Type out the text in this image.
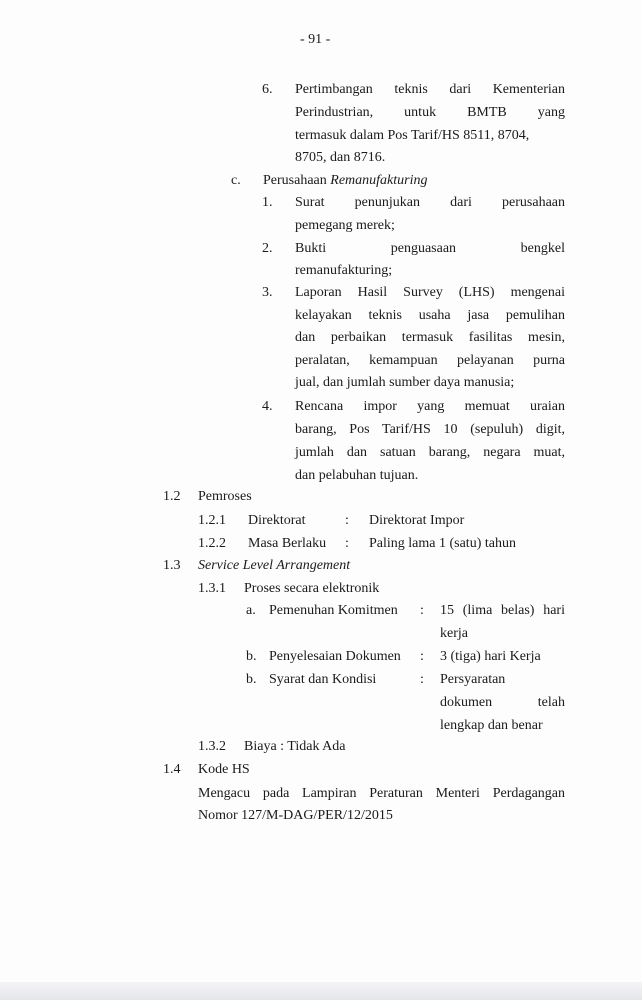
- 91 -
6. Pertimbangan teknis dari Kementerian
Perindustrian, untuk BMTB yang
termasuk dalam Pos Tarif/HS 8511, 8704,
8705, dan 8716.
c. Perusahaan Remanufakturing
1. Surat penunjukan dari perusahaan
pemegang merek;
2. Bukti penguasaan bengkel
remanufakturing;
3. Laporan Hasil Survey (LHS) mengenai
kelayakan teknis usaha jasa pemulihan
dan perbaikan termasuk fasilitas mesin,
peralatan, kemampuan pelayanan purna
jual, dan jumlah sumber daya manusia;
4. Rencana impor yang memuat uraian
barang, Pos Tarif/HS 10 (sepuluh) digit,
jumlah dan satuan barang, negara muat,
dan pelabuhan tujuan.
1.2 Pemroses
1.2.1 Direktorat	: Direktorat Impor
1.2.2 Masa Berlaku : Paling lama 1 (satu) tahun
1.3 Service Level Arrangement
1.3.1 Proses secara elektronik
a. Pemenuhan Komitmen : 15 (lima belas) hari
kerja
b. Penyelesaian Dokumen : 3 (tiga) hari Kerja
b. Syarat dan Kondisi	: Persyaratan
dokumen telah
lengkap dan benar
1.3.2 Biaya : Tidak Ada
1.4 Kode HS
Mengacu pada Lampiran Peraturan Menteri Perdagangan
Nomor 127/M-DAG/PER/12/2015
